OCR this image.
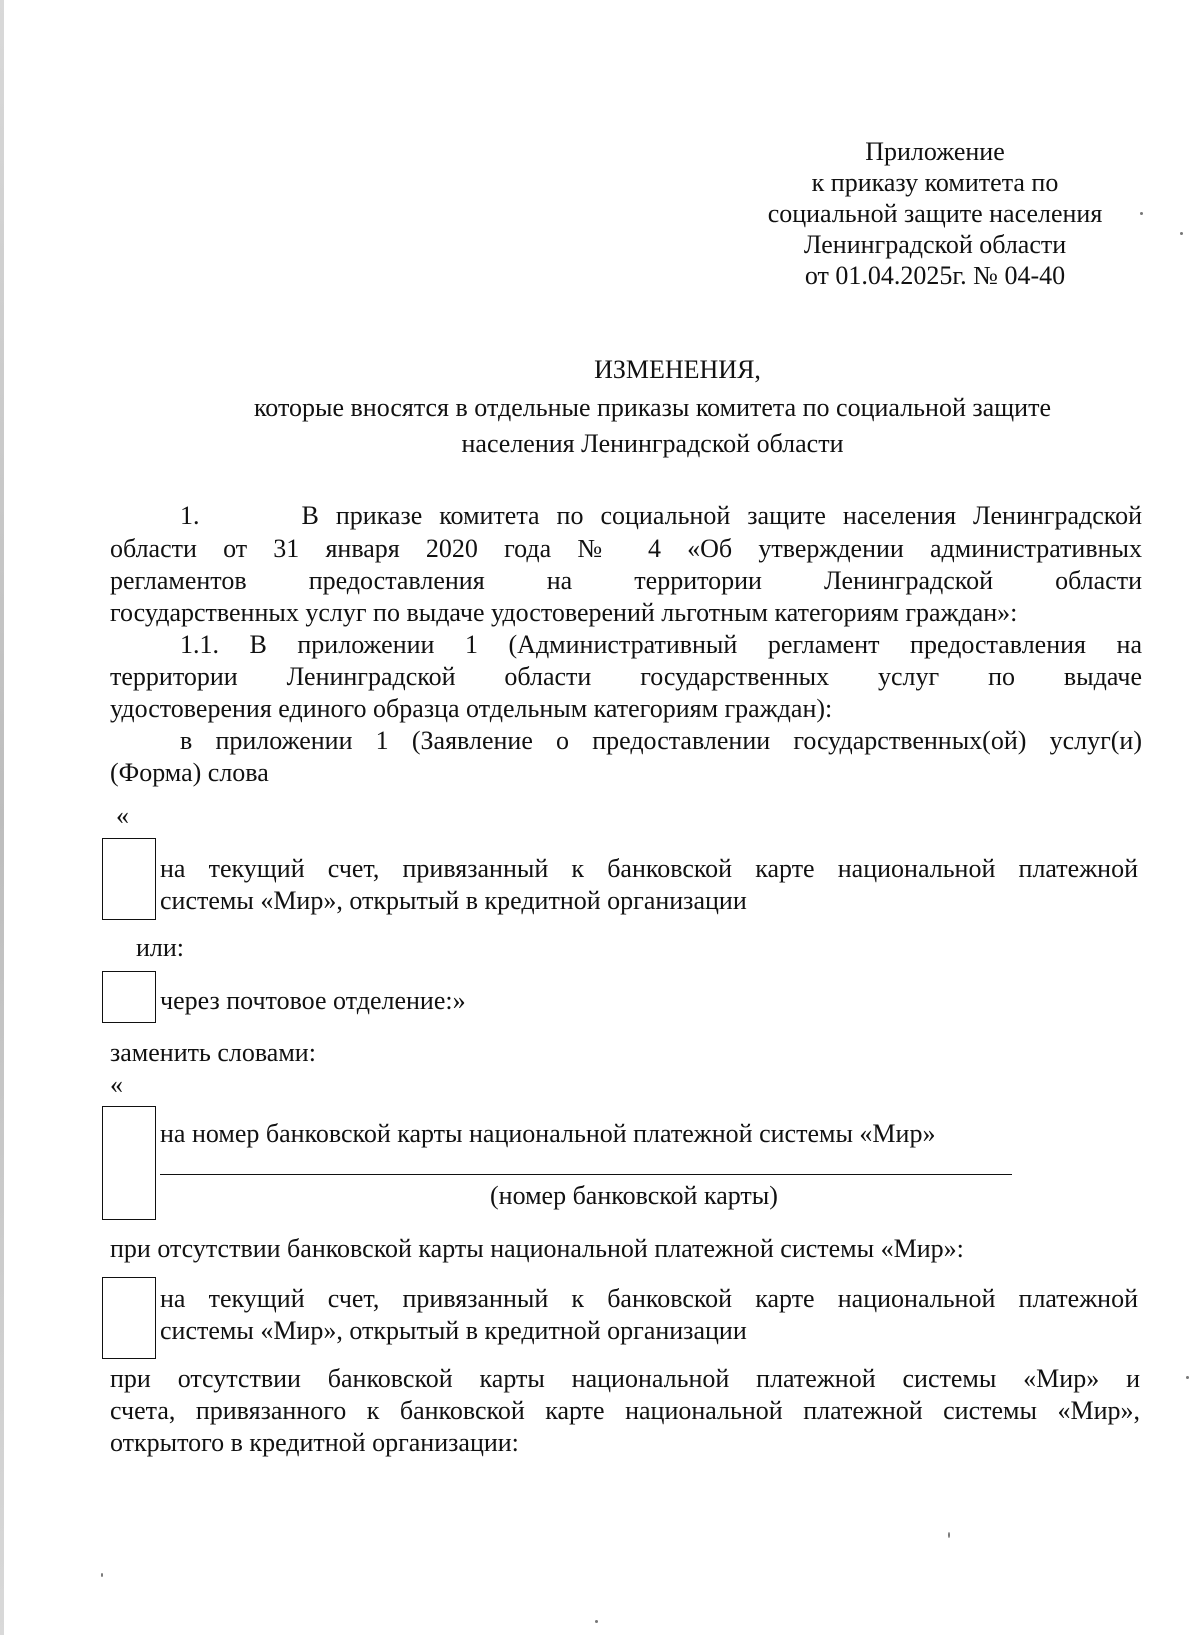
Приложение
к приказу комитета по
социальной защите населения
Ленинградской области
от 01.04.2025г. № 04-40
ИЗМЕНЕНИЯ,
которые вносятся в отдельные приказы комитета по социальной защите
населения Ленинградской области
1.      В приказе комитета по социальной защите населения Ленинградской
области от 31 января 2020 года № 4 «Об утверждении административных
регламентов предоставления на территории Ленинградской области
государственных услуг по выдаче удостоверений льготным категориям граждан»:
1.1. В приложении 1 (Административный регламент предоставления на
территории Ленинградской области государственных услуг по выдаче
удостоверения единого образца отдельным категориям граждан):
в приложении 1 (Заявление о предоставлении государственных(ой) услуг(и)
(Форма) слова
«
на текущий счет, привязанный к банковской карте национальной платежной
системы «Мир», открытый в кредитной организации
или:
через почтовое отделение:»
заменить словами:
«
на номер банковской карты национальной платежной системы «Мир»
(номер банковской карты)
при отсутствии банковской карты национальной платежной системы «Мир»:
на текущий счет, привязанный к банковской карте национальной платежной
системы «Мир», открытый в кредитной организации
при отсутствии банковской карты национальной платежной системы «Мир» и
счета, привязанного к банковской карте национальной платежной системы «Мир»,
открытого в кредитной организации:
